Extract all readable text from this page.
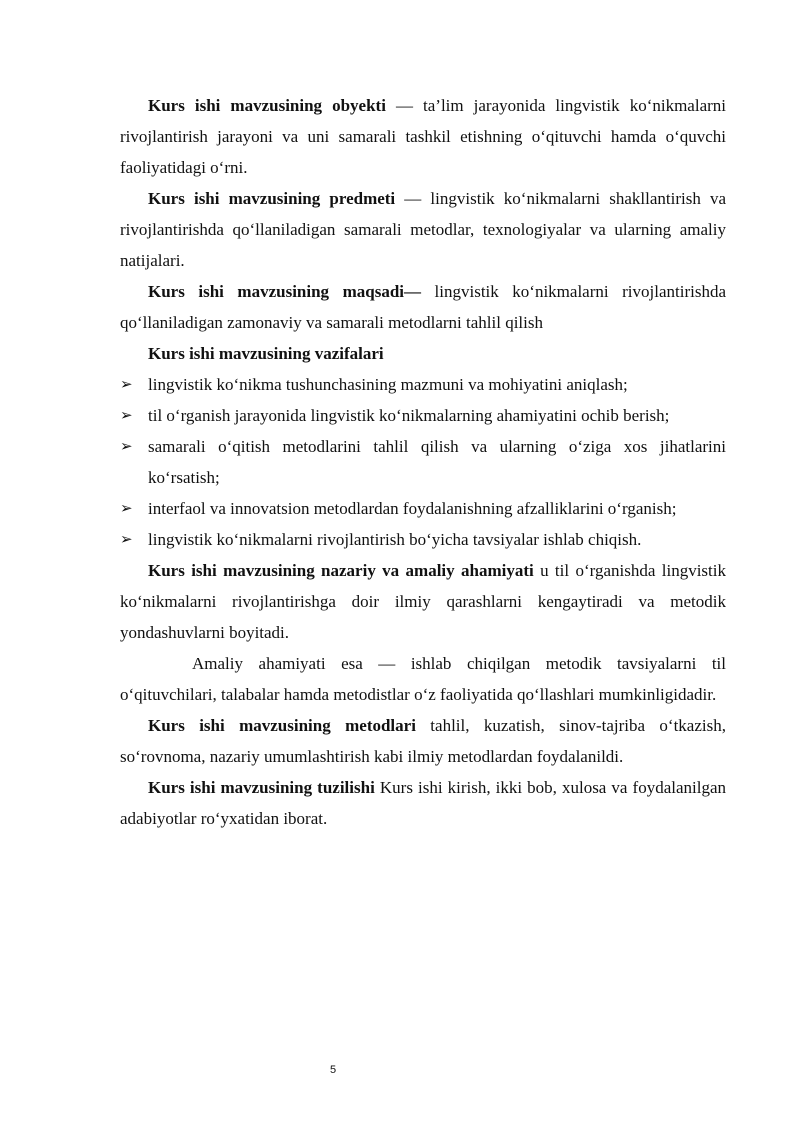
Kurs ishi mavzusining obyekti — ta’lim jarayonida lingvistik ko‘nikmalarni rivojlantirish jarayoni va uni samarali tashkil etishning o‘qituvchi hamda o‘quvchi faoliyatidagi o‘rni.

Kurs ishi mavzusining predmeti — lingvistik ko‘nikmalarni shakllantirish va rivojlantirishda qo‘llaniladigan samarali metodlar, texnologiyalar va ularning amaliy natijalari.

Kurs ishi mavzusining maqsadi— lingvistik ko‘nikmalarni rivojlantirishda qo‘llaniladigan zamonaviy va samarali metodlarni tahlil qilish

Kurs ishi mavzusining vazifalari

➢ lingvistik ko‘nikma tushunchasining mazmuni va mohiyatini aniqlash;
➢ til o‘rganish jarayonida lingvistik ko‘nikmalarning ahamiyatini ochib berish;
➢ samarali o‘qitish metodlarini tahlil qilish va ularning o‘ziga xos jihatlarini ko‘rsatish;
➢ interfaol va innovatsion metodlardan foydalanishning afzalliklarini o‘rganish;
➢ lingvistik ko‘nikmalarni rivojlantirish bo‘yicha tavsiyalar ishlab chiqish.

Kurs ishi mavzusining nazariy va amaliy ahamiyati u til o‘rganishda lingvistik ko‘nikmalarni rivojlantirishga doir ilmiy qarashlarni kengaytiradi va metodik yondashuvlarni boyitadi.

Amaliy ahamiyati esa — ishlab chiqilgan metodik tavsiyalarni til o‘qituvchilari, talabalar hamda metodistlar o‘z faoliyatida qo‘llashlari mumkinligidadir.

Kurs ishi mavzusining metodlari tahlil, kuzatish, sinov-tajriba o‘tkazish, so‘rovnoma, nazariy umumlashtirish kabi ilmiy metodlardan foydalanildi.

Kurs ishi mavzusining tuzilishi Kurs ishi kirish, ikki bob, xulosa va foydalanilgan adabiyotlar ro‘yxatidan iborat.

5
